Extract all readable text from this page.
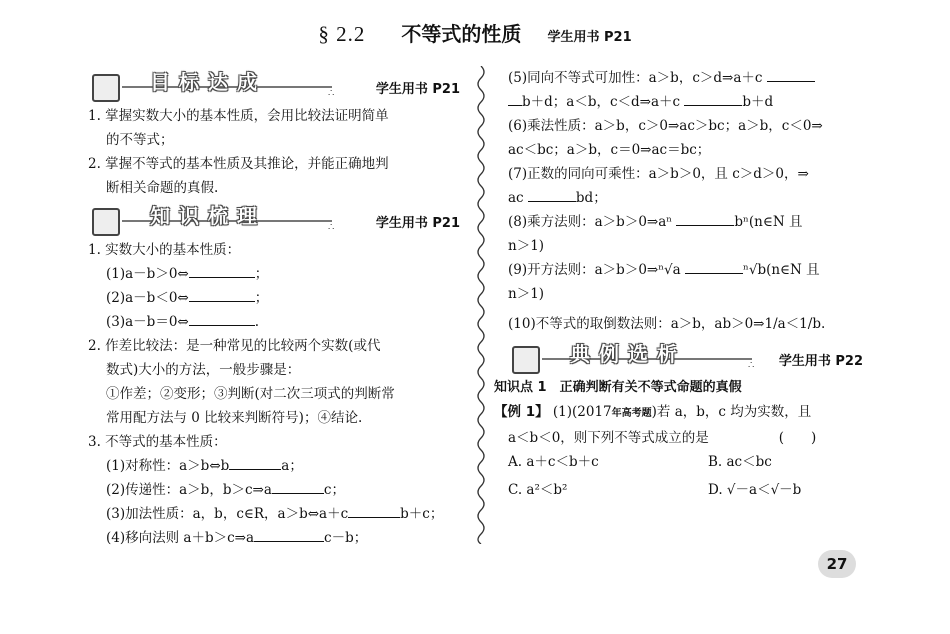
§ 2.2 不等式的性质 学生用书 P21
目标达成	∴	学生用书 P21
1. 掌握实数大小的基本性质，会用比较法证明简单
的不等式；
2. 掌握不等式的基本性质及其推论，并能正确地判
断相关命题的真假.
知识梳理	∴	学生用书 P21
1. 实数大小的基本性质：
(1)a－b＞0⇔	；
(2)a－b＜0⇔	；
(3)a－b＝0⇔	.
2. 作差比较法：是一种常见的比较两个实数(或代
数式)大小的方法，一般步骤是：
①作差；②变形；③判断(对二次三项式的判断常
常用配方法与 0 比较来判断符号)；④结论.
3. 不等式的基本性质：
(1)对称性：a＞b⇔b	a；
(2)传递性：a＞b，b＞c⇒a	c；
(3)加法性质：a，b，c∈R，a＞b⇔a＋c	b＋c；
(4)移向法则 a＋b＞c⇒a	c－b；
(5)同向不等式可加性：a＞b，c＞d⇒a＋c
b＋d；a＜b，c＜d⇒a＋c	b＋d
(6)乘法性质：a＞b，c＞0⇒ac＞bc；a＞b，c＜0⇒
ac＜bc；a＞b，c＝0⇒ac＝bc；
(7)正数的同向可乘性：a＞b＞0，且 c＞d＞0，⇒
ac	bd；
(8)乘方法则：a＞b＞0⇒aⁿ	bⁿ(n∈N 且
n＞1)
(9)开方法则：a＞b＞0⇒ⁿ√a	ⁿ√b(n∈N 且
n＞1)
(10)不等式的取倒数法则：a＞b，ab＞0⇒1/a＜1/b.
典例选析	∴ 学生用书 P22
知识点 1　正确判断有关不等式命题的真假
【例 1】 (1)(2017年高考题)若 a，b，c 均为实数，且
a＜b＜0，则下列不等式成立的是	(　　)
A. a＋c＜b＋c	B. ac＜bc
C. a²＜b²	D. √－a＜√－b
27
